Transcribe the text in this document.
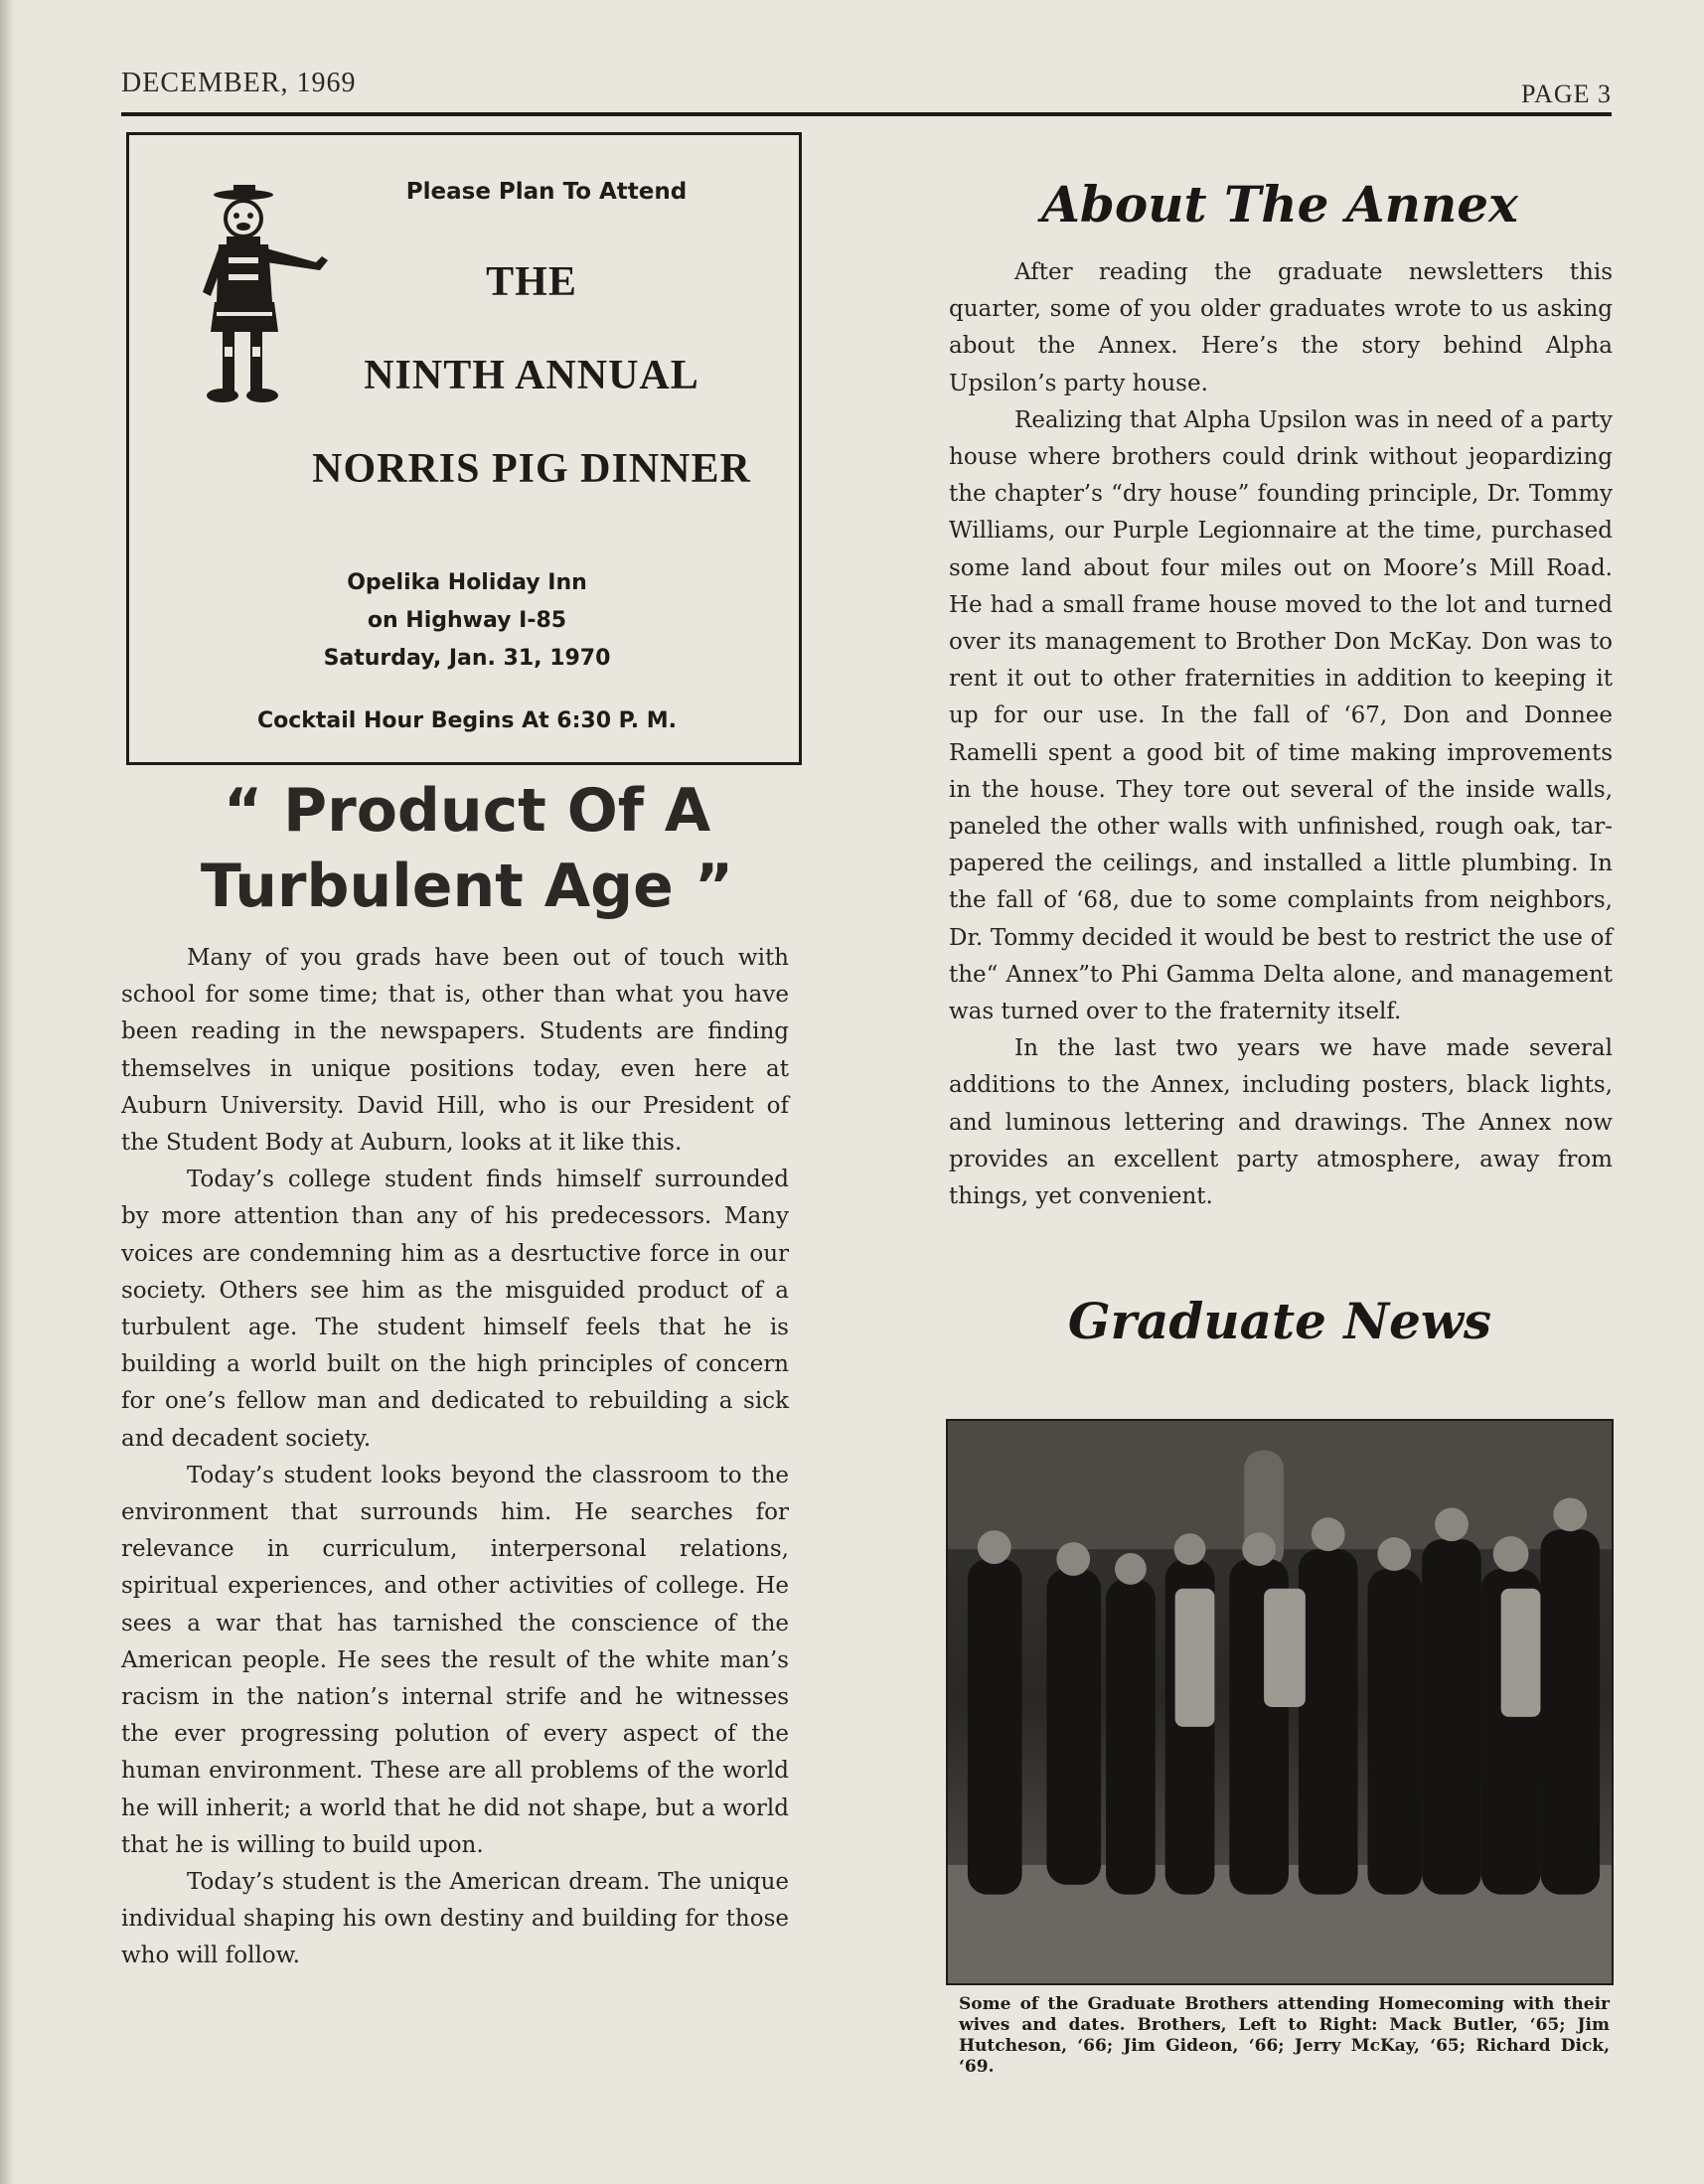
DECEMBER, 1969	PAGE 3
Please Plan To Attend
THE
NINTH ANNUAL
NORRIS PIG DINNER
Opelika Holiday Inn
on Highway I-85
Saturday, Jan. 31, 1970
Cocktail Hour Begins At 6:30 P. M.
“ Product Of A
Turbulent Age ”

Many of you grads have been out of touch with school for some time; that is, other than what you have been reading in the newspapers. Students are finding themselves in unique positions today, even here at Auburn University. David Hill, who is our President of the Student Body at Auburn, looks at it like this.

Today’s college student finds himself surrounded by more attention than any of his predecessors. Many voices are condemning him as a desrtuctive force in our society. Others see him as the misguided product of a turbulent age. The student himself feels that he is building a world built on the high principles of concern for one’s fellow man and dedicated to rebuilding a sick and decadent society.

Today’s student looks beyond the classroom to the environment that surrounds him. He searches for relevance in curriculum, interpersonal relations, spiritual experiences, and other activities of college. He sees a war that has tarnished the conscience of the American people. He sees the result of the white man’s racism in the nation’s internal strife and he witnesses the ever progressing polution of every aspect of the human environment. These are all problems of the world he will inherit; a world that he did not shape, but a world that he is willing to build upon.

Today’s student is the American dream. The unique individual shaping his own destiny and building for those who will follow.

About The Annex

After reading the graduate newsletters this quarter, some of you older graduates wrote to us asking about the Annex. Here’s the story behind Alpha Upsilon’s party house.

Realizing that Alpha Upsilon was in need of a party house where brothers could drink without jeopardizing the chapter’s “dry house” founding principle, Dr. Tommy Williams, our Purple Legionnaire at the time, purchased some land about four miles out on Moore’s Mill Road. He had a small frame house moved to the lot and turned over its management to Brother Don McKay. Don was to rent it out to other fraternities in addition to keeping it up for our use. In the fall of ‘67, Don and Donnee Ramelli spent a good bit of time making improvements in the house. They tore out several of the inside walls, paneled the other walls with unfinished, rough oak, tar-papered the ceilings, and installed a little plumbing. In the fall of ‘68, due to some complaints from neighbors, Dr. Tommy decided it would be best to restrict the use of the“ Annex”to Phi Gamma Delta alone, and management was turned over to the fraternity itself.

In the last two years we have made several additions to the Annex, including posters, black lights, and luminous lettering and drawings. The Annex now provides an excellent party atmosphere, away from things, yet convenient.

Graduate News
Some of the Graduate Brothers attending Homecoming with their wives and dates. Brothers, Left to Right: Mack Butler, ‘65; Jim Hutcheson, ‘66; Jim Gideon, ‘66; Jerry McKay, ‘65; Richard Dick, ‘69.
